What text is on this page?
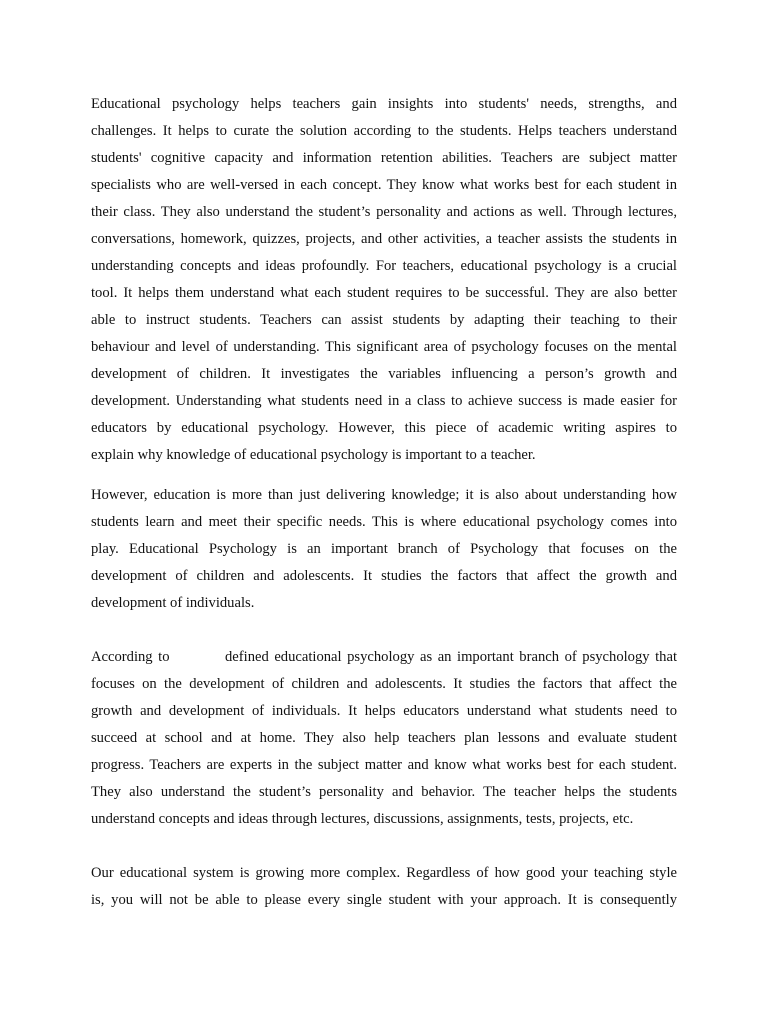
Educational psychology helps teachers gain insights into students' needs, strengths, and
challenges. It helps to curate the solution according to the students. Helps teachers understand
students' cognitive capacity and information retention abilities. Teachers are subject matter
specialists who are well-versed in each concept. They know what works best for each student in
their class. They also understand the student’s personality and actions as well. Through lectures,
conversations, homework, quizzes, projects, and other activities, a teacher assists the students in
understanding concepts and ideas profoundly. For teachers, educational psychology is a crucial
tool. It helps them understand what each student requires to be successful. They are also better
able to instruct students. Teachers can assist students by adapting their teaching to their
behaviour and level of understanding. This significant area of psychology focuses on the mental
development of children. It investigates the variables influencing a person’s growth and
development. Understanding what students need in a class to achieve success is made easier for
educators by educational psychology. However, this piece of academic writing aspires to
explain why knowledge of educational psychology is important to a teacher.

However, education is more than just delivering knowledge; it is also about understanding how
students learn and meet their specific needs. This is where educational psychology comes into
play. Educational Psychology is an important branch of Psychology that focuses on the
development of children and adolescents. It studies the factors that affect the growth and
development of individuals.

According to          defined educational psychology as an important branch of psychology that
focuses on the development of children and adolescents. It studies the factors that affect the
growth and development of individuals. It helps educators understand what students need to
succeed at school and at home. They also help teachers plan lessons and evaluate student
progress. Teachers are experts in the subject matter and know what works best for each student.
They also understand the student’s personality and behavior. The teacher helps the students
understand concepts and ideas through lectures, discussions, assignments, tests, projects, etc.

Our educational system is growing more complex. Regardless of how good your teaching style
is, you will not be able to please every single student with your approach. It is consequently
